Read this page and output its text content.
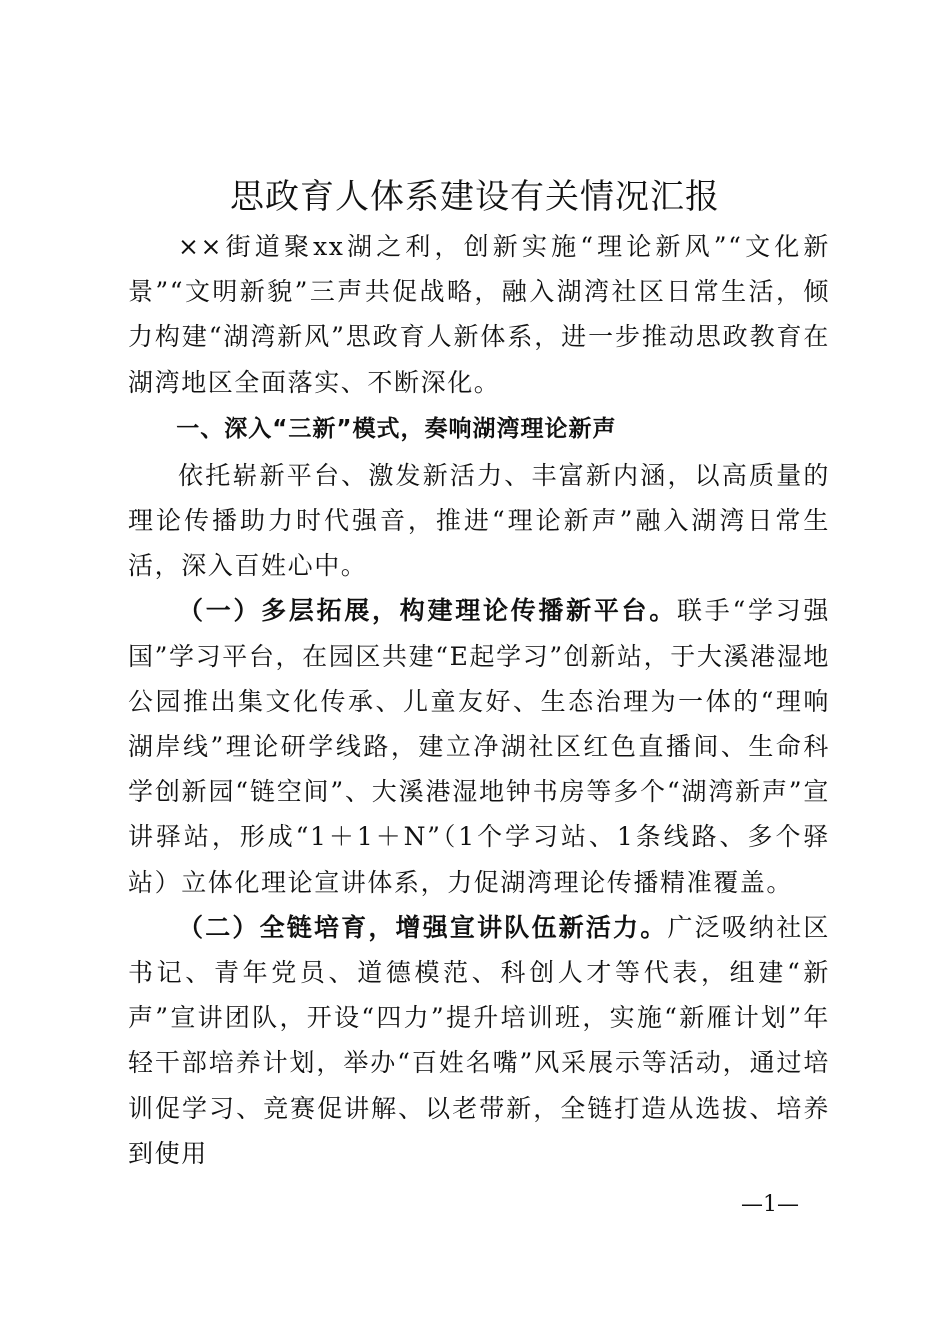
思政育人体系建设有关情况汇报

××街道聚xx湖之利，创新实施“理论新风”“文化新景”“文明新貌”三声共促战略，融入湖湾社区日常生活，倾力构建“湖湾新风”思政育人新体系，进一步推动思政教育在湖湾地区全面落实、不断深化。

一、深入“三新”模式，奏响湖湾理论新声

依托崭新平台、激发新活力、丰富新内涵，以高质量的理论传播助力时代强音，推进“理论新声”融入湖湾日常生活，深入百姓心中。

（一）多层拓展，构建理论传播新平台。联手“学习强国”学习平台，在园区共建“E起学习”创新站，于大溪港湿地公园推出集文化传承、儿童友好、生态治理为一体的“理响湖岸线”理论研学线路，建立净湖社区红色直播间、生命科学创新园“链空间”、大溪港湿地钟书房等多个“湖湾新声”宣讲驿站，形成“1＋1＋N”（1个学习站、1条线路、多个驿站）立体化理论宣讲体系，力促湖湾理论传播精准覆盖。

（二）全链培育，增强宣讲队伍新活力。广泛吸纳社区书记、青年党员、道德模范、科创人才等代表，组建“新声”宣讲团队，开设“四力”提升培训班，实施“新雁计划”年轻干部培养计划，举办“百姓名嘴”风采展示等活动，通过培训促学习、竞赛促讲解、以老带新，全链打造从选拔、培养到使用

—1—
